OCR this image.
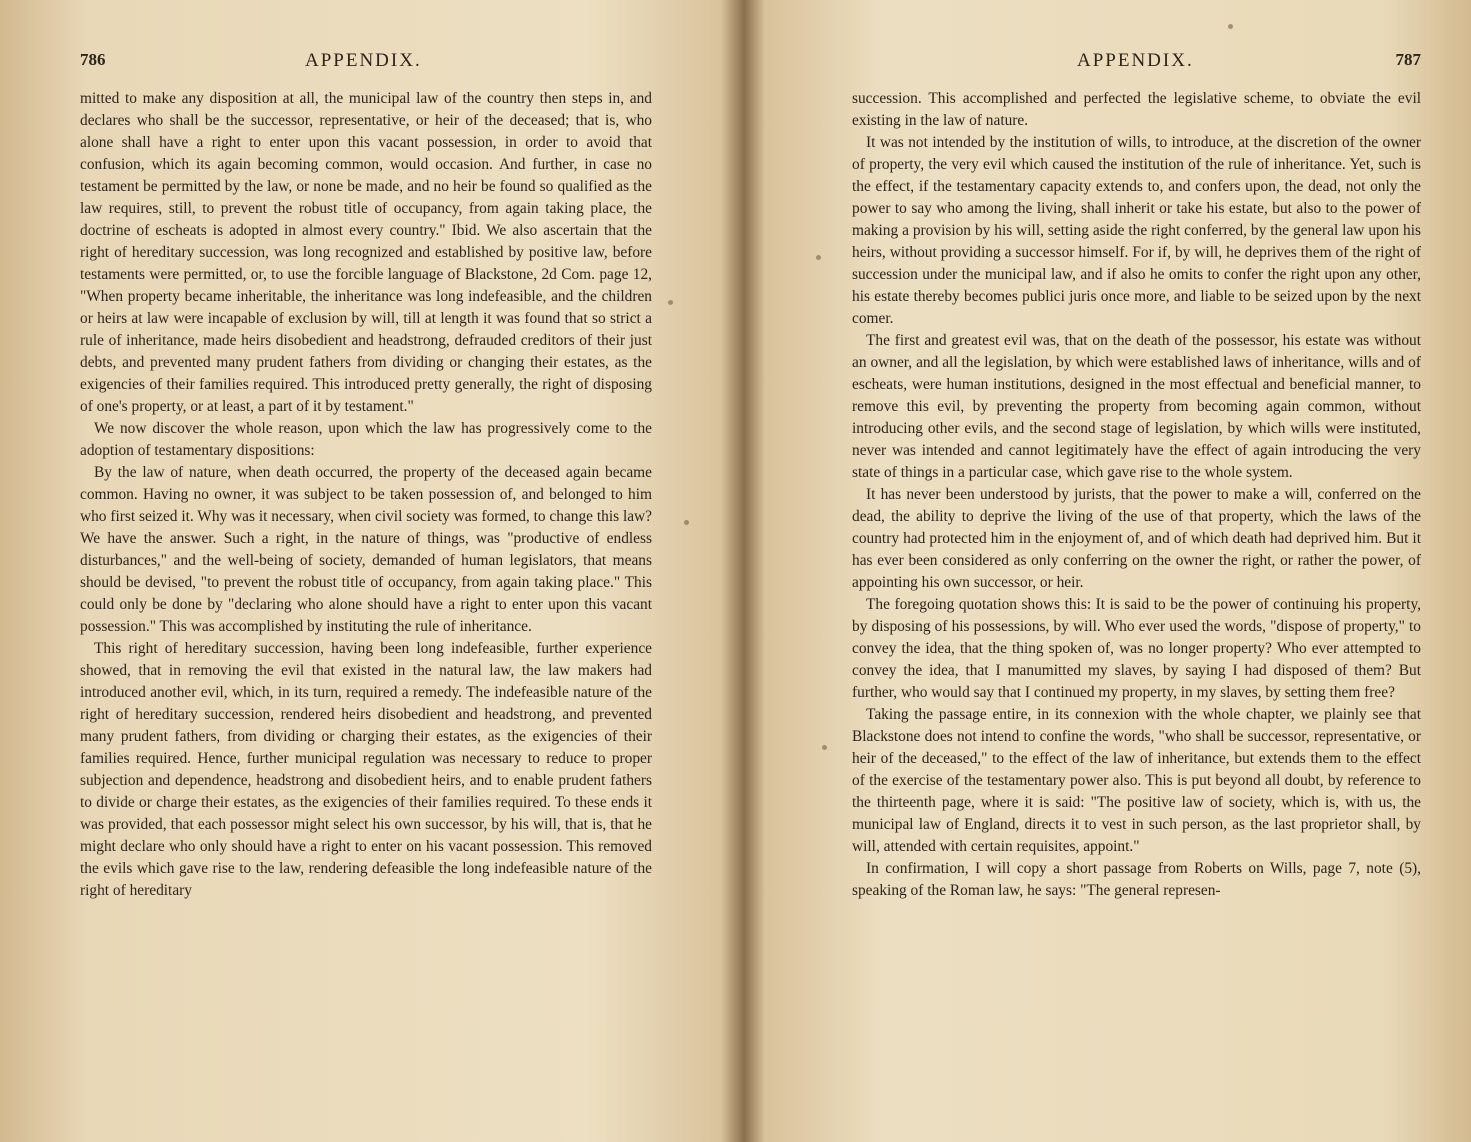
786	APPENDIX.

mitted to make any disposition at all, the municipal law of the country then steps in, and declares who shall be the successor, representative, or heir of the deceased; that is, who alone shall have a right to enter upon this vacant possession, in order to avoid that confusion, which its again becoming common, would occasion. And further, in case no testament be permitted by the law, or none be made, and no heir be found so qualified as the law requires, still, to prevent the robust title of occupancy, from again taking place, the doctrine of escheats is adopted in almost every country." Ibid. We also ascertain that the right of hereditary succession, was long recognized and established by positive law, before testaments were permitted, or, to use the forcible language of Blackstone, 2d Com. page 12, "When property became inheritable, the inheritance was long indefeasible, and the children or heirs at law were incapable of exclusion by will, till at length it was found that so strict a rule of inheritance, made heirs disobedient and headstrong, defrauded creditors of their just debts, and prevented many prudent fathers from dividing or changing their estates, as the exigencies of their families required. This introduced pretty generally, the right of disposing of one's property, or at least, a part of it by testament."

We now discover the whole reason, upon which the law has progressively come to the adoption of testamentary dispositions:

By the law of nature, when death occurred, the property of the deceased again became common. Having no owner, it was subject to be taken possession of, and belonged to him who first seized it. Why was it necessary, when civil society was formed, to change this law? We have the answer. Such a right, in the nature of things, was "productive of endless disturbances," and the well-being of society, demanded of human legislators, that means should be devised, "to prevent the robust title of occupancy, from again taking place." This could only be done by "declaring who alone should have a right to enter upon this vacant possession." This was accomplished by instituting the rule of inheritance.

This right of hereditary succession, having been long indefeasible, further experience showed, that in removing the evil that existed in the natural law, the law makers had introduced another evil, which, in its turn, required a remedy. The indefeasible nature of the right of hereditary succession, rendered heirs disobedient and headstrong, and prevented many prudent fathers, from dividing or charging their estates, as the exigencies of their families required. Hence, further municipal regulation was necessary to reduce to proper subjection and dependence, headstrong and disobedient heirs, and to enable prudent fathers to divide or charge their estates, as the exigencies of their families required. To these ends it was provided, that each possessor might select his own successor, by his will, that is, that he might declare who only should have a right to enter on his vacant possession. This removed the evils which gave rise to the law, rendering defeasible the long indefeasible nature of the right of hereditary

APPENDIX.	787

succession. This accomplished and perfected the legislative scheme, to obviate the evil existing in the law of nature.

It was not intended by the institution of wills, to introduce, at the discretion of the owner of property, the very evil which caused the institution of the rule of inheritance. Yet, such is the effect, if the testamentary capacity extends to, and confers upon, the dead, not only the power to say who among the living, shall inherit or take his estate, but also to the power of making a provision by his will, setting aside the right conferred, by the general law upon his heirs, without providing a successor himself. For if, by will, he deprives them of the right of succession under the municipal law, and if also he omits to confer the right upon any other, his estate thereby becomes publici juris once more, and liable to be seized upon by the next comer.

The first and greatest evil was, that on the death of the possessor, his estate was without an owner, and all the legislation, by which were established laws of inheritance, wills and of escheats, were human institutions, designed in the most effectual and beneficial manner, to remove this evil, by preventing the property from becoming again common, without introducing other evils, and the second stage of legislation, by which wills were instituted, never was intended and cannot legitimately have the effect of again introducing the very state of things in a particular case, which gave rise to the whole system.

It has never been understood by jurists, that the power to make a will, conferred on the dead, the ability to deprive the living of the use of that property, which the laws of the country had protected him in the enjoyment of, and of which death had deprived him. But it has ever been considered as only conferring on the owner the right, or rather the power, of appointing his own successor, or heir.

The foregoing quotation shows this: It is said to be the power of continuing his property, by disposing of his possessions, by will. Who ever used the words, "dispose of property," to convey the idea, that the thing spoken of, was no longer property? Who ever attempted to convey the idea, that I manumitted my slaves, by saying I had disposed of them? But further, who would say that I continued my property, in my slaves, by setting them free?

Taking the passage entire, in its connexion with the whole chapter, we plainly see that Blackstone does not intend to confine the words, "who shall be successor, representative, or heir of the deceased," to the effect of the law of inheritance, but extends them to the effect of the exercise of the testamentary power also. This is put beyond all doubt, by reference to the thirteenth page, where it is said: "The positive law of society, which is, with us, the municipal law of England, directs it to vest in such person, as the last proprietor shall, by will, attended with certain requisites, appoint."

In confirmation, I will copy a short passage from Roberts on Wills, page 7, note (5), speaking of the Roman law, he says: "The general represen-
